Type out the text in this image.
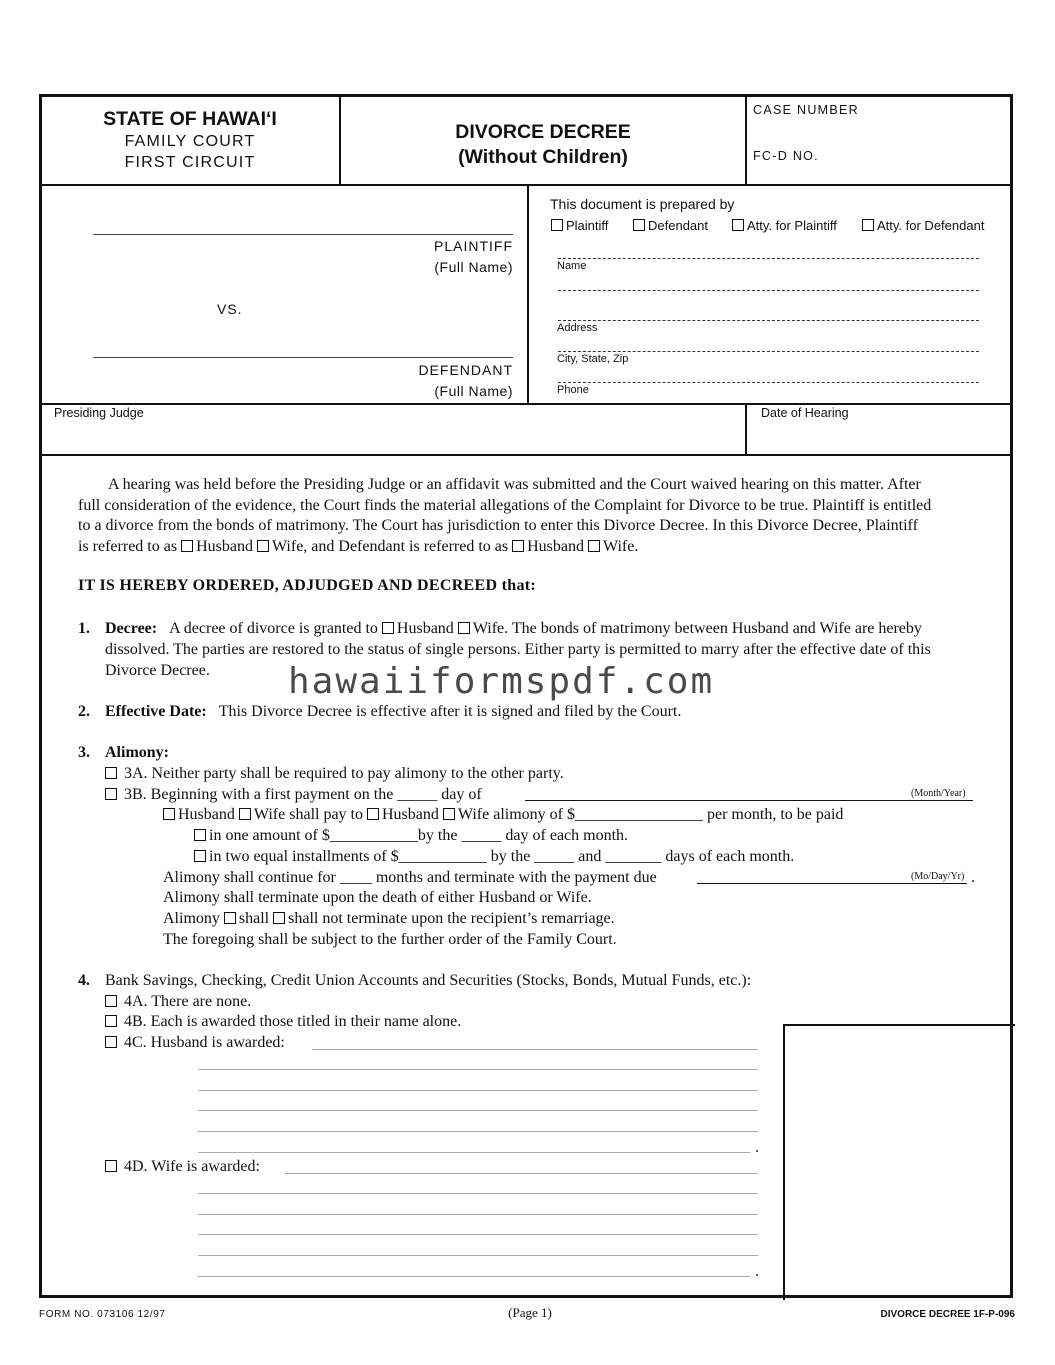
STATE OF HAWAI‘I
FAMILY COURT
FIRST CIRCUIT
DIVORCE DECREE
(Without Children)
CASE NUMBER
FC-D NO.
PLAINTIFF
(Full Name)
VS.
DEFENDANT
(Full Name)
This document is prepared by
Plaintiff	Defendant	Atty. for Plaintiff	Atty. for Defendant
Name
Address
City, State, Zip
Phone
Presiding Judge	Date of Hearing
A hearing was held before the Presiding Judge or an affidavit was submitted and the Court waived hearing on this matter. After
full consideration of the evidence, the Court finds the material allegations of the Complaint for Divorce to be true. Plaintiff is entitled
to a divorce from the bonds of matrimony. The Court has jurisdiction to enter this Divorce Decree. In this Divorce Decree, Plaintiff
is referred to as Husband Wife, and Defendant is referred to as Husband Wife.
IT IS HEREBY ORDERED, ADJUDGED AND DECREED that:
1. Decree: A decree of divorce is granted to Husband Wife. The bonds of matrimony between Husband and Wife are hereby
dissolved. The parties are restored to the status of single persons. Either party is permitted to marry after the effective date of this
Divorce Decree. hawaiiformspdf.com
2. Effective Date: This Divorce Decree is effective after it is signed and filed by the Court.
3. Alimony:
3A. Neither party shall be required to pay alimony to the other party.
3B. Beginning with a first payment on the _____ day of	(Month/Year)
Husband Wife shall pay to Husband Wife alimony of $________________ per month, to be paid
in one amount of $___________by the _____ day of each month.
in two equal installments of $___________ by the _____ and _______ days of each month.
Alimony shall continue for ____ months and terminate with the payment due	(Mo/Day/Yr) .
Alimony shall terminate upon the death of either Husband or Wife.
Alimony shall shall not terminate upon the recipient’s remarriage.
The foregoing shall be subject to the further order of the Family Court.
4. Bank Savings, Checking, Credit Union Accounts and Securities (Stocks, Bonds, Mutual Funds, etc.):
4A. There are none.
4B. Each is awarded those titled in their name alone.
4C. Husband is awarded:
.
4D. Wife is awarded:
.
FORM NO. 073106 12/97	(Page 1)	DIVORCE DECREE 1F-P-096
